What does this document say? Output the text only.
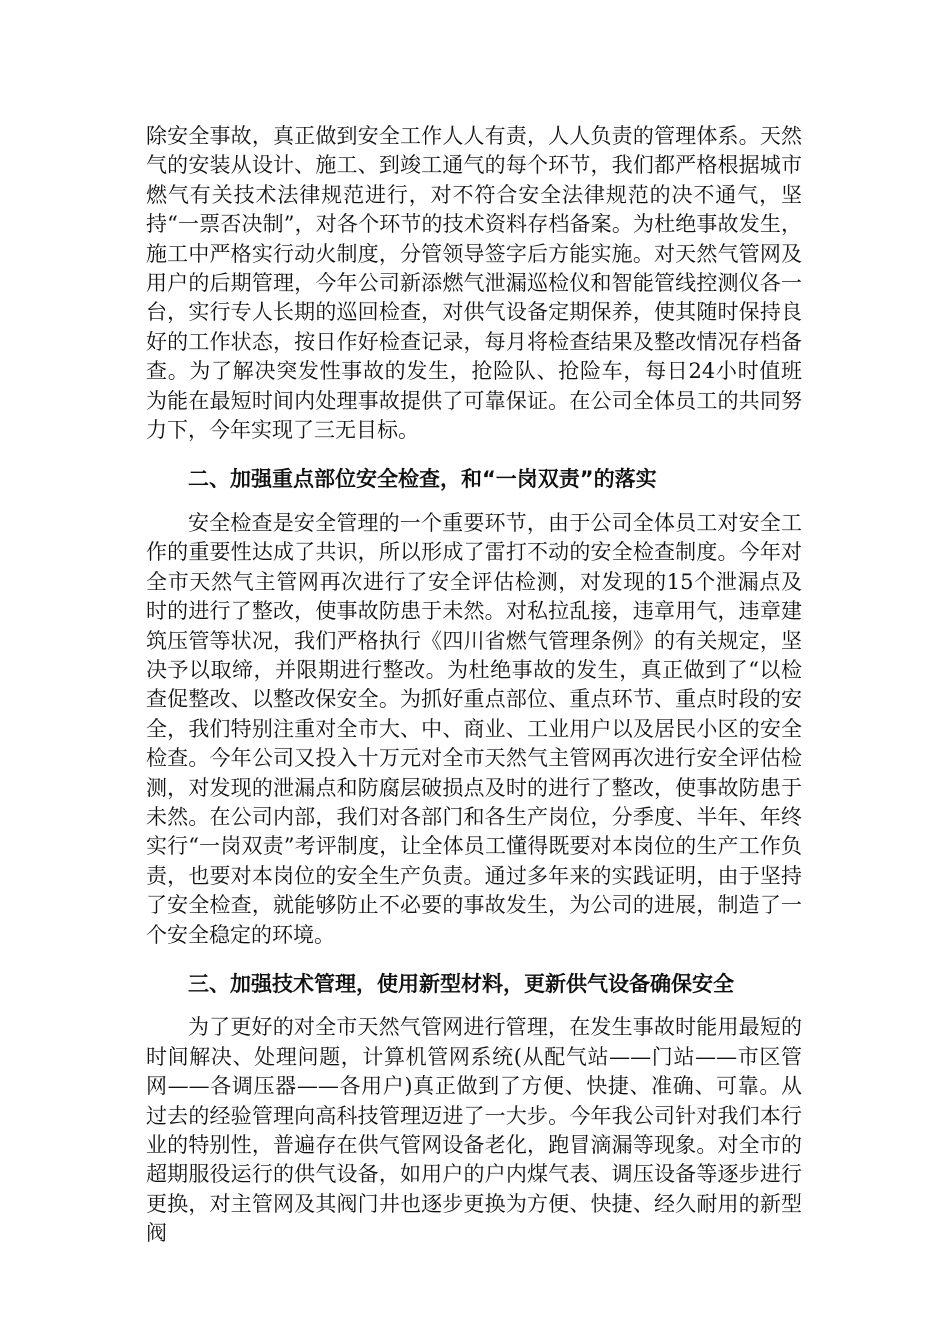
除安全事故，真正做到安全工作人人有责，人人负责的管理体系。天然气的安装从设计、施工、到竣工通气的每个环节，我们都严格根据城市燃气有关技术法律规范进行，对不符合安全法律规范的决不通气，坚持“一票否决制”，对各个环节的技术资料存档备案。为杜绝事故发生，施工中严格实行动火制度，分管领导签字后方能实施。对天然气管网及用户的后期管理，今年公司新添燃气泄漏巡检仪和智能管线控测仪各一台，实行专人长期的巡回检查，对供气设备定期保养，使其随时保持良好的工作状态，按日作好检查记录，每月将检查结果及整改情况存档备查。为了解决突发性事故的发生，抢险队、抢险车，每日24小时值班为能在最短时间内处理事故提供了可靠保证。在公司全体员工的共同努力下，今年实现了三无目标。

二、加强重点部位安全检查，和“一岗双责”的落实

安全检查是安全管理的一个重要环节，由于公司全体员工对安全工作的重要性达成了共识，所以形成了雷打不动的安全检查制度。今年对全市天然气主管网再次进行了安全评估检测，对发现的15个泄漏点及时的进行了整改，使事故防患于未然。对私拉乱接，违章用气，违章建筑压管等状况，我们严格执行《四川省燃气管理条例》的有关规定，坚决予以取缔，并限期进行整改。为杜绝事故的发生，真正做到了“以检查促整改、以整改保安全。为抓好重点部位、重点环节、重点时段的安全，我们特别注重对全市大、中、商业、工业用户以及居民小区的安全检查。今年公司又投入十万元对全市天然气主管网再次进行安全评估检测，对发现的泄漏点和防腐层破损点及时的进行了整改，使事故防患于未然。在公司内部，我们对各部门和各生产岗位，分季度、半年、年终实行“一岗双责”考评制度，让全体员工懂得既要对本岗位的生产工作负责，也要对本岗位的安全生产负责。通过多年来的实践证明，由于坚持了安全检查，就能够防止不必要的事故发生，为公司的进展，制造了一个安全稳定的环境。

三、加强技术管理，使用新型材料，更新供气设备确保安全

为了更好的对全市天然气管网进行管理，在发生事故时能用最短的时间解决、处理问题，计算机管网系统(从配气站——门站——市区管网——各调压器——各用户)真正做到了方便、快捷、准确、可靠。从过去的经验管理向高科技管理迈进了一大步。今年我公司针对我们本行业的特别性，普遍存在供气管网设备老化，跑冒滴漏等现象。对全市的超期服役运行的供气设备，如用户的户内煤气表、调压设备等逐步进行更换，对主管网及其阀门井也逐步更换为方便、快捷、经久耐用的新型阀
